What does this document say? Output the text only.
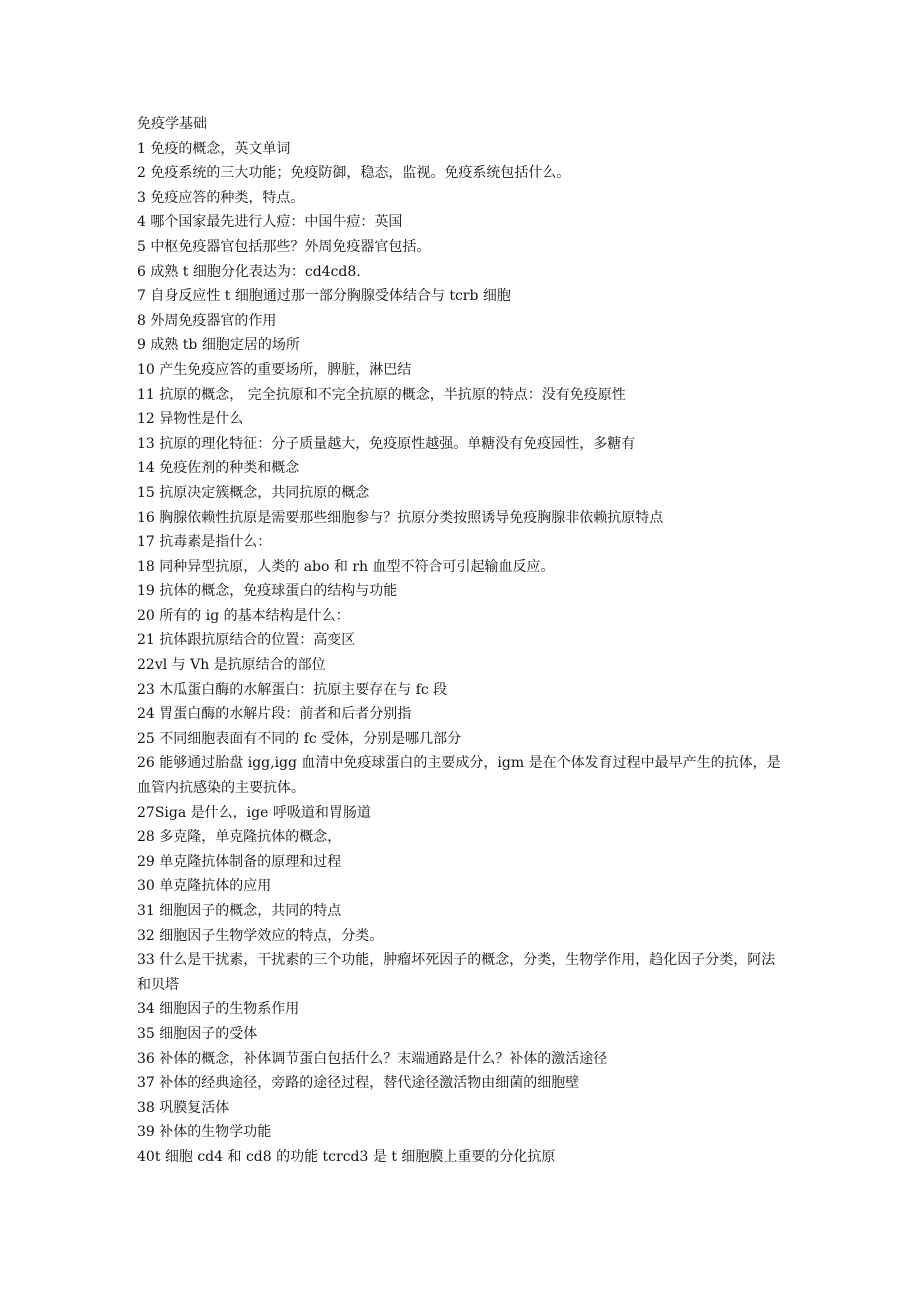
免疫学基础
1 免疫的概念，英文单词
2 免疫系统的三大功能；免疫防御，稳态，监视。免疫系统包括什么。
3 免疫应答的种类，特点。
4 哪个国家最先进行人痘：中国牛痘：英国
5 中枢免疫器官包括那些？外周免疫器官包括。
6 成熟 t 细胞分化表达为：cd4cd8.
7 自身反应性 t 细胞通过那一部分胸腺受体结合与 tcrb 细胞
8 外周免疫器官的作用
9 成熟 tb 细胞定居的场所
10 产生免疫应答的重要场所，脾脏，淋巴结
11 抗原的概念， 完全抗原和不完全抗原的概念，半抗原的特点：没有免疫原性
12 异物性是什么
13 抗原的理化特征：分子质量越大，免疫原性越强。单糖没有免疫园性，多糖有
14 免疫佐剂的种类和概念
15 抗原决定簇概念，共同抗原的概念
16 胸腺依赖性抗原是需要那些细胞参与？抗原分类按照诱导免疫胸腺非依赖抗原特点
17 抗毒素是指什么：
18 同种异型抗原，人类的 abo 和 rh 血型不符合可引起输血反应。
19 抗体的概念，免疫球蛋白的结构与功能
20 所有的 ig 的基本结构是什么：
21 抗体跟抗原结合的位置：高变区
22vl 与 Vh 是抗原结合的部位
23 木瓜蛋白酶的水解蛋白：抗原主要存在与 fc 段
24 胃蛋白酶的水解片段：前者和后者分别指
25 不同细胞表面有不同的 fc 受体，分别是哪几部分
26 能够通过胎盘 igg,igg 血清中免疫球蛋白的主要成分，igm 是在个体发育过程中最早产生的抗体，是血管内抗感染的主要抗体。
27Siga 是什么，ige 呼吸道和胃肠道
28 多克隆，单克隆抗体的概念，
29 单克隆抗体制备的原理和过程
30 单克隆抗体的应用
31 细胞因子的概念，共同的特点
32 细胞因子生物学效应的特点，分类。
33 什么是干扰素，干扰素的三个功能，肿瘤坏死因子的概念，分类，生物学作用，趋化因子分类，阿法和贝塔
34 细胞因子的生物系作用
35 细胞因子的受体
36 补体的概念，补体调节蛋白包括什么？末端通路是什么？补体的激活途径
37 补体的经典途径，旁路的途径过程，替代途径激活物由细菌的细胞壁
38 巩膜复活体
39 补体的生物学功能
40t 细胞 cd4 和 cd8 的功能 tcrcd3 是 t 细胞膜上重要的分化抗原
